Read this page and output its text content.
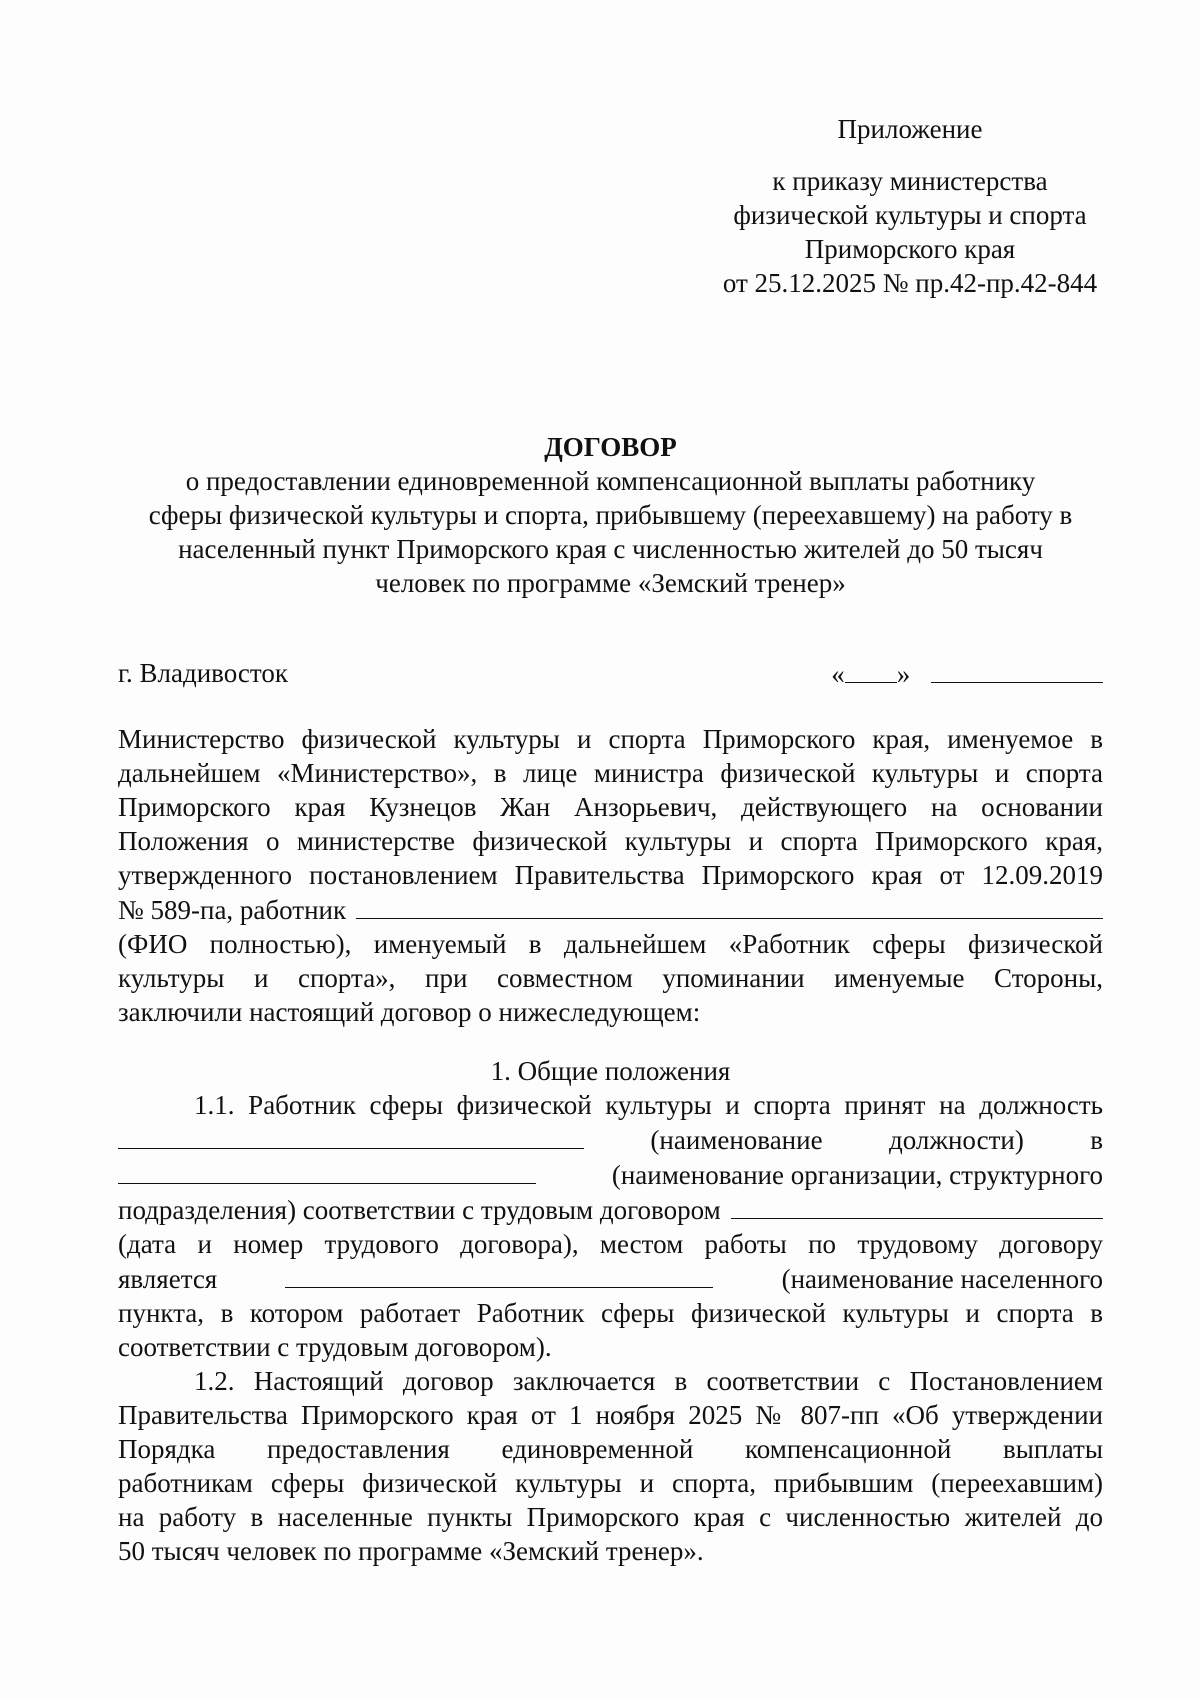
Приложение
к приказу министерства
физической культуры и спорта
Приморского края
от 25.12.2025 № пр.42-пр.42-844
ДОГОВОР
о предоставлении единовременной компенсационной выплаты работнику
сферы физической культуры и спорта, прибывшему (переехавшему) на работу в
населенный пункт Приморского края с численностью жителей до 50 тысяч
человек по программе «Земский тренер»
г. Владивосток	« »
Министерство физической культуры и спорта Приморского края, именуемое в
дальнейшем «Министерство», в лице министра физической культуры и спорта
Приморского края Кузнецов Жан Анзорьевич, действующего на основании
Положения о министерстве физической культуры и спорта Приморского края,
утвержденного постановлением Правительства Приморского края от 12.09.2019
№ 589-па, работник
(ФИО полностью), именуемый в дальнейшем «Работник сферы физической
культуры и спорта», при совместном упоминании именуемые Стороны,
заключили настоящий договор о нижеследующем:
1. Общие положения
1.1. Работник сферы физической культуры и спорта принят на должность
(наименование должности) в
(наименование организации, структурного
подразделения) соответствии с трудовым договором
(дата и номер трудового договора), местом работы по трудовому договору
является	(наименование населенного
пункта, в котором работает Работник сферы физической культуры и спорта в
соответствии с трудовым договором).
1.2. Настоящий договор заключается в соответствии с Постановлением
Правительства Приморского края от 1 ноября 2025 № 807-пп «Об утверждении
Порядка предоставления единовременной компенсационной выплаты
работникам сферы физической культуры и спорта, прибывшим (переехавшим)
на работу в населенные пункты Приморского края с численностью жителей до
50 тысяч человек по программе «Земский тренер».
